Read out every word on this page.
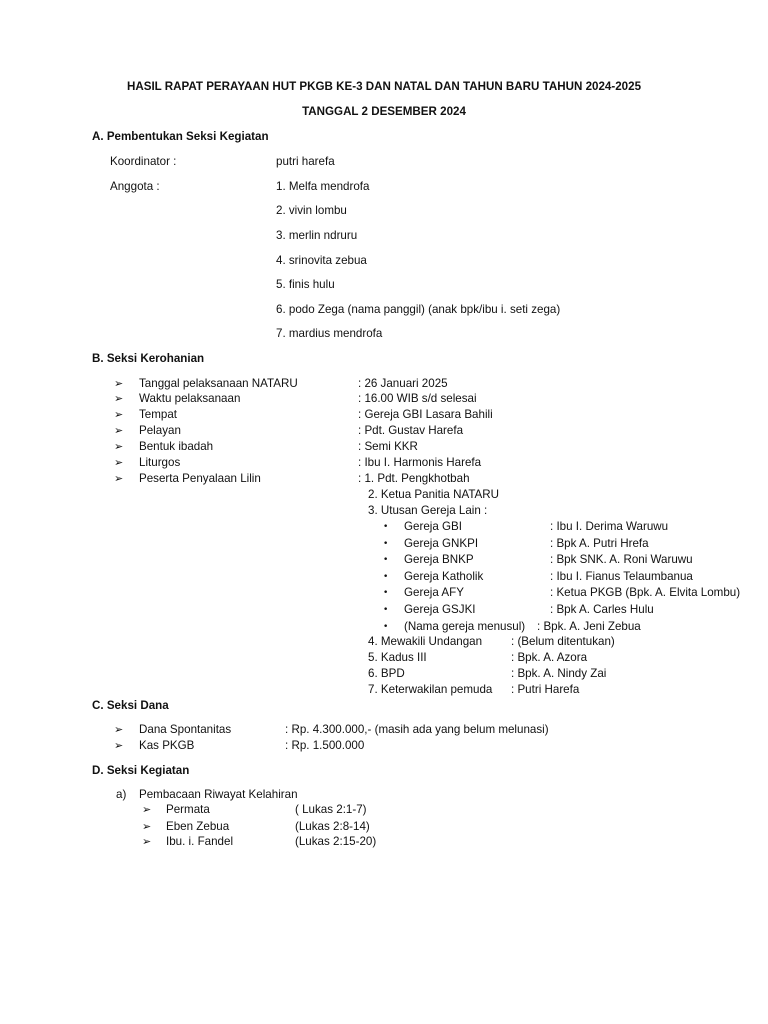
HASIL RAPAT PERAYAAN HUT PKGB KE-3 DAN NATAL DAN TAHUN BARU TAHUN 2024-2025
TANGGAL 2 DESEMBER 2024
A. Pembentukan Seksi Kegiatan
Koordinator :	putri harefa
Anggota :	1. Melfa mendrofa
2. vivin lombu
3. merlin ndruru
4. srinovita zebua
5. finis hulu
6. podo Zega (nama panggil) (anak bpk/ibu i. seti zega)
7. mardius mendrofa
B. Seksi Kerohanian
➢ Tanggal pelaksanaan NATARU	: 26 Januari 2025
➢ Waktu pelaksanaan	: 16.00 WIB s/d selesai
➢ Tempat	: Gereja GBI Lasara Bahili
➢ Pelayan	: Pdt. Gustav Harefa
➢ Bentuk ibadah	: Semi KKR
➢ Liturgos	: Ibu I. Harmonis Harefa
➢ Peserta Penyalaan Lilin	: 1. Pdt. Pengkhotbah
2. Ketua Panitia NATARU
3. Utusan Gereja Lain :
• Gereja GBI	: Ibu I. Derima Waruwu
• Gereja GNKPI	: Bpk A. Putri Hrefa
• Gereja BNKP	: Bpk SNK. A. Roni Waruwu
• Gereja Katholik	: Ibu I. Fianus Telaumbanua
• Gereja AFY	: Ketua PKGB (Bpk. A. Elvita Lombu)
• Gereja GSJKI	: Bpk A. Carles Hulu
• (Nama gereja menusul) : Bpk. A. Jeni Zebua
4. Mewakili Undangan : (Belum ditentukan)
5. Kadus III	: Bpk. A. Azora
6. BPD	: Bpk. A. Nindy Zai
7. Keterwakilan pemuda : Putri Harefa
C. Seksi Dana
➢ Dana Spontanitas	: Rp. 4.300.000,- (masih ada yang belum melunasi)
➢ Kas PKGB	: Rp. 1.500.000
D. Seksi Kegiatan
a) Pembacaan Riwayat Kelahiran
➢ Permata	( Lukas 2:1-7)
➢ Eben Zebua	(Lukas 2:8-14)
➢ Ibu. i. Fandel	(Lukas 2:15-20)
